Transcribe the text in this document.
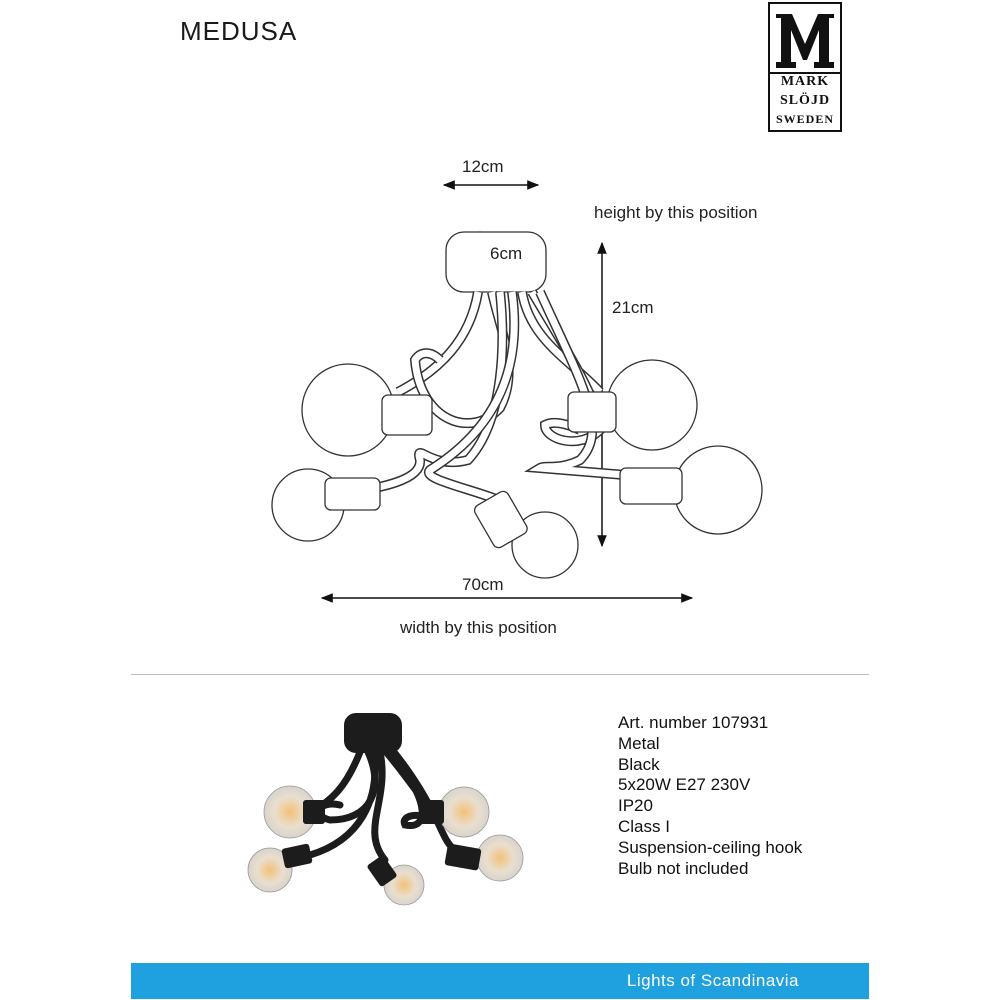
MEDUSA
MARK
SLÖJD
SWEDEN
12cm
6cm
height by this position
21cm
70cm
width by this position
Art. number 107931
Metal
Black
5x20W E27 230V
IP20
Class I
Suspension-ceiling hook
Bulb not included
Lights of Scandinavia
